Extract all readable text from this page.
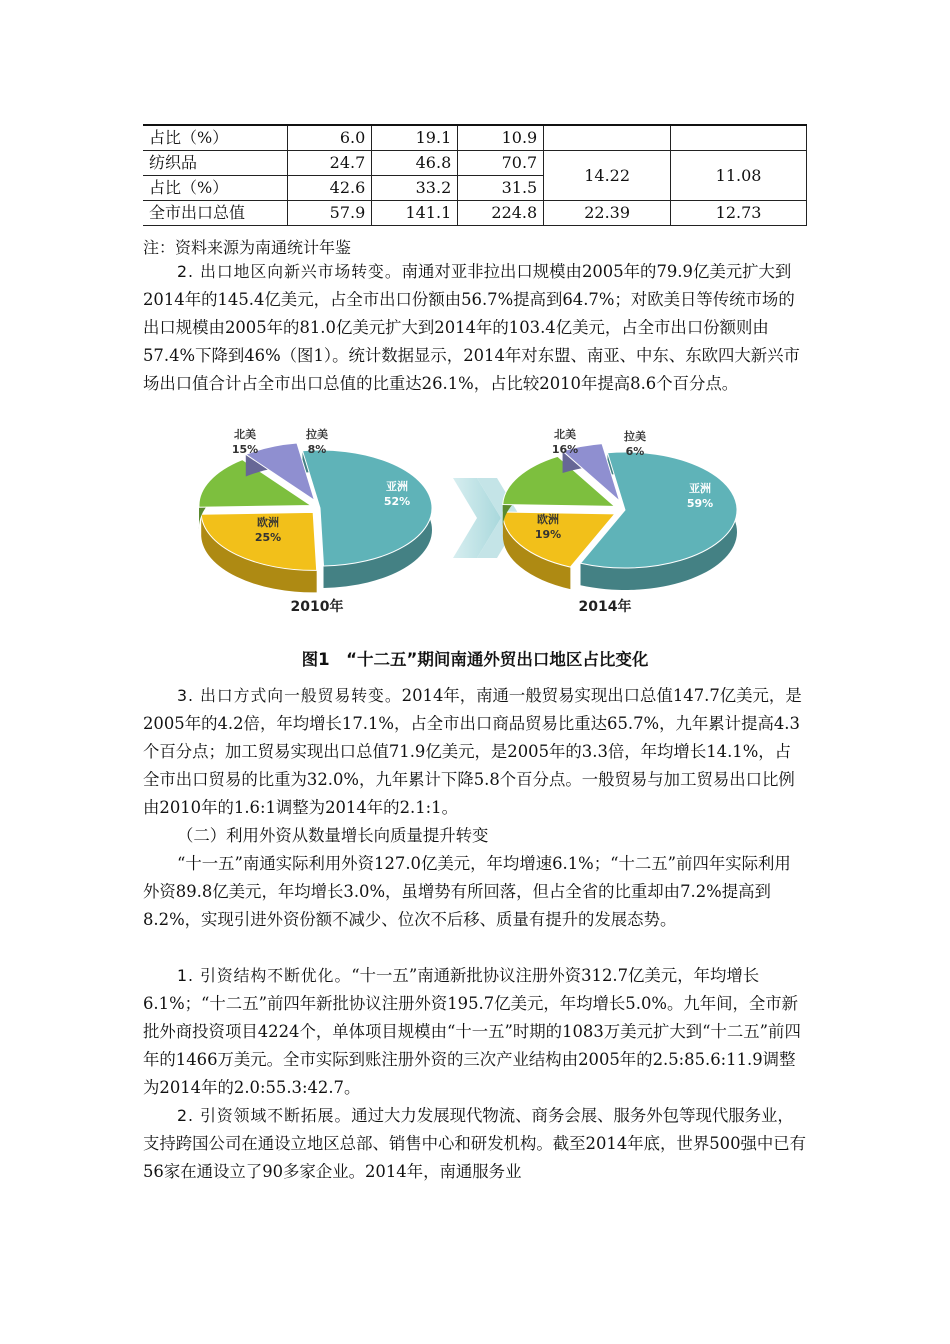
占比（%）	6.0	19.1	10.9		
纺织品	24.7	46.8	70.7	14.22	11.08
占比（%）	42.6	33.2	31.5		
全市出口总值	57.9	141.1	224.8	22.39	12.73
注：资料来源为南通统计年鉴

2. 出口地区向新兴市场转变。南通对亚非拉出口规模由2005年的79.9亿美元扩大到2014年的145.4亿美元，占全市出口份额由56.7%提高到64.7%；对欧美日等传统市场的出口规模由2005年的81.0亿美元扩大到2014年的103.4亿美元，占全市出口份额则由57.4%下降到46%（图1）。统计数据显示，2014年对东盟、南亚、中东、东欧四大新兴市场出口值合计占全市出口总值的比重达26.1%，占比较2010年提高8.6个百分点。

亚洲
52%
欧洲
25%
北美
15%
拉美
8%
亚洲
59%
欧洲
19%
北美
16%
拉美
6%
2010年	2014年
图1　“十二五”期间南通外贸出口地区占比变化

3. 出口方式向一般贸易转变。2014年，南通一般贸易实现出口总值147.7亿美元，是2005年的4.2倍，年均增长17.1%，占全市出口商品贸易比重达65.7%，九年累计提高4.3个百分点；加工贸易实现出口总值71.9亿美元，是2005年的3.3倍，年均增长14.1%，占全市出口贸易的比重为32.0%，九年累计下降5.8个百分点。一般贸易与加工贸易出口比例由2010年的1.6:1调整为2014年的2.1:1。

（二）利用外资从数量增长向质量提升转变

“十一五”南通实际利用外资127.0亿美元，年均增速6.1%；“十二五”前四年实际利用外资89.8亿美元，年均增长3.0%，虽增势有所回落，但占全省的比重却由7.2%提高到8.2%，实现引进外资份额不减少、位次不后移、质量有提升的发展态势。

1. 引资结构不断优化。“十一五”南通新批协议注册外资312.7亿美元，年均增长6.1%；“十二五”前四年新批协议注册外资195.7亿美元，年均增长5.0%。九年间，全市新批外商投资项目4224个，单体项目规模由“十一五”时期的1083万美元扩大到“十二五”前四年的1466万美元。全市实际到账注册外资的三次产业结构由2005年的2.5:85.6:11.9调整为2014年的2.0:55.3:42.7。

2. 引资领域不断拓展。通过大力发展现代物流、商务会展、服务外包等现代服务业，支持跨国公司在通设立地区总部、销售中心和研发机构。截至2014年底，世界500强中已有56家在通设立了90多家企业。2014年，南通服务业
